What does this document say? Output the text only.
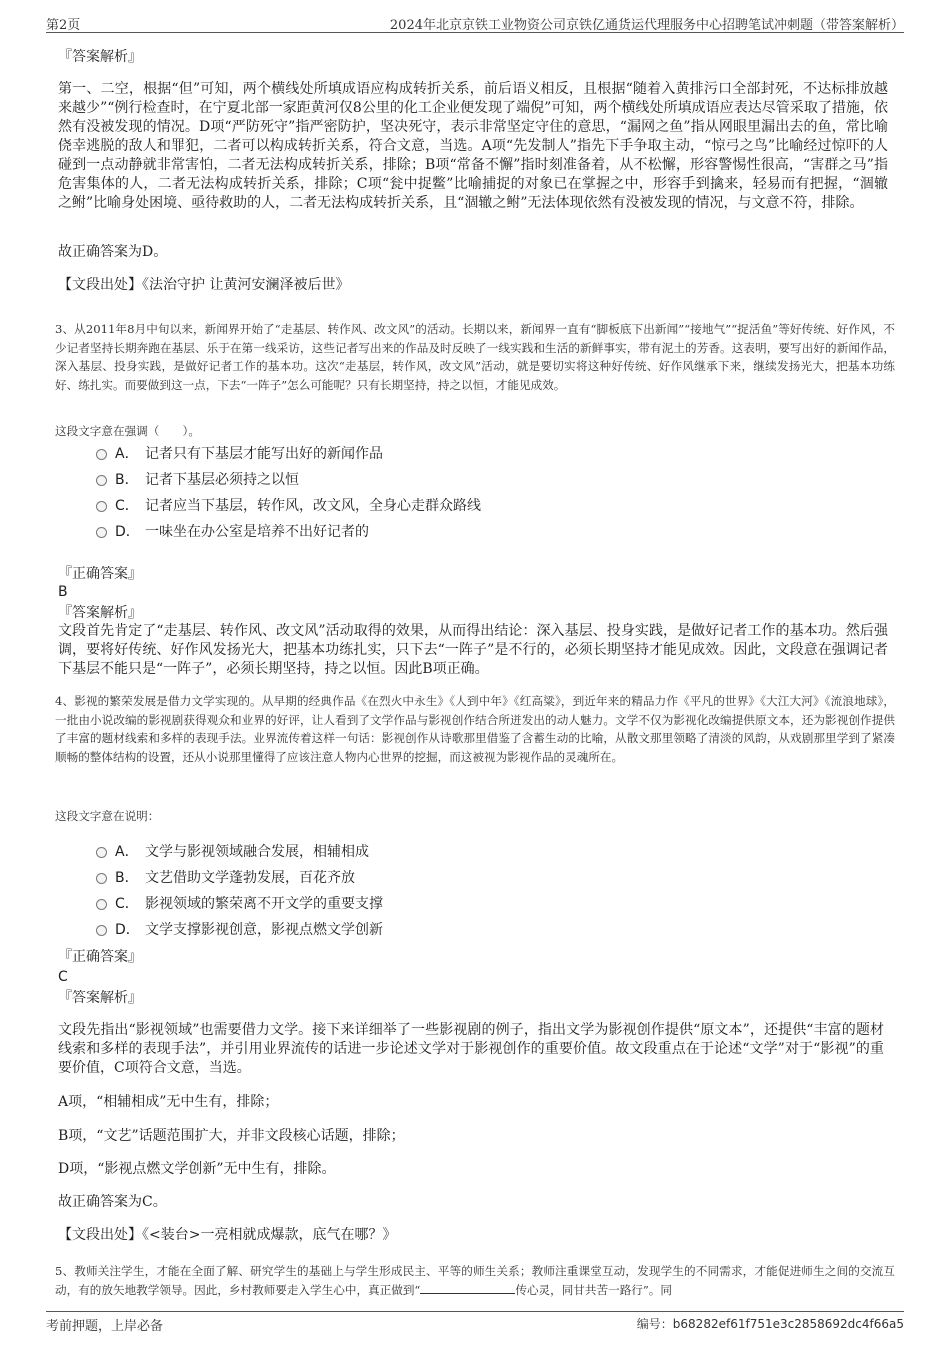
第2页	2024年北京京铁工业物资公司京铁亿通货运代理服务中心招聘笔试冲刺题（带答案解析）
『答案解析』

第一、二空，根据“但”可知，两个横线处所填成语应构成转折关系，前后语义相反，且根据“随着入黄排污口全部封死，不达标排放越来越少”“例行检查时，在宁夏北部一家距黄河仅8公里的化工企业便发现了端倪”可知，两个横线处所填成语应表达尽管采取了措施，依然有没被发现的情况。D项“严防死守”指严密防护，坚决死守，表示非常坚定守住的意思，“漏网之鱼”指从网眼里漏出去的鱼，常比喻侥幸逃脱的敌人和罪犯，二者可以构成转折关系，符合文意，当选。A项“先发制人”指先下手争取主动，“惊弓之鸟”比喻经过惊吓的人碰到一点动静就非常害怕，二者无法构成转折关系，排除；B项“常备不懈”指时刻准备着，从不松懈，形容警惕性很高，“害群之马”指危害集体的人，二者无法构成转折关系，排除；C项“瓮中捉鳖”比喻捕捉的对象已在掌握之中，形容手到擒来，轻易而有把握，“涸辙之鲋”比喻身处困境、亟待救助的人，二者无法构成转折关系，且“涸辙之鲋”无法体现依然有没被发现的情况，与文意不符，排除。

故正确答案为D。
【文段出处】《法治守护 让黄河安澜泽被后世》

3、从2011年8月中旬以来，新闻界开始了“走基层、转作风、改文风”的活动。长期以来，新闻界一直有“脚板底下出新闻”“接地气”“捉活鱼”等好传统、好作风，不少记者坚持长期奔跑在基层、乐于在第一线采访，这些记者写出来的作品及时反映了一线实践和生活的新鲜事实，带有泥土的芳香。这表明，要写出好的新闻作品，深入基层、投身实践，是做好记者工作的基本功。这次“走基层，转作风，改文风”活动，就是要切实将这种好传统、好作风继承下来，继续发扬光大，把基本功练好、练扎实。而要做到这一点，下去“一阵子”怎么可能呢？只有长期坚持，持之以恒，才能见成效。

这段文字意在强调（　　）。
A． 记者只有下基层才能写出好的新闻作品
B． 记者下基层必须持之以恒
C． 记者应当下基层，转作风，改文风，全身心走群众路线
D． 一味坐在办公室是培养不出好记者的
『正确答案』
B
『答案解析』

文段首先肯定了“走基层、转作风、改文风”活动取得的效果，从而得出结论：深入基层、投身实践，是做好记者工作的基本功。然后强调，要将好传统、好作风发扬光大，把基本功练扎实，只下去“一阵子”是不行的，必须长期坚持才能见成效。因此，文段意在强调记者下基层不能只是“一阵子”，必须长期坚持，持之以恒。因此B项正确。

4、影视的繁荣发展是借力文学实现的。从早期的经典作品《在烈火中永生》《人到中年》《红高粱》，到近年来的精品力作《平凡的世界》《大江大河》《流浪地球》，一批由小说改编的影视剧获得观众和业界的好评，让人看到了文学作品与影视创作结合所迸发出的动人魅力。文学不仅为影视化改编提供原文本，还为影视创作提供了丰富的题材线索和多样的表现手法。业界流传着这样一句话：影视创作从诗歌那里借鉴了含蓄生动的比喻，从散文那里领略了清淡的风韵，从戏剧那里学到了紧凑顺畅的整体结构的设置，还从小说那里懂得了应该注意人物内心世界的挖掘，而这被视为影视作品的灵魂所在。

这段文字意在说明：
A． 文学与影视领域融合发展，相辅相成
B． 文艺借助文学蓬勃发展，百花齐放
C． 影视领域的繁荣离不开文学的重要支撑
D． 文学支撑影视创意，影视点燃文学创新
『正确答案』
C
『答案解析』

文段先指出“影视领域”也需要借力文学。接下来详细举了一些影视剧的例子，指出文学为影视创作提供“原文本”，还提供“丰富的题材线索和多样的表现手法”，并引用业界流传的话进一步论述文学对于影视创作的重要价值。故文段重点在于论述“文学”对于“影视”的重要价值，C项符合文意，当选。

A项，“相辅相成”无中生有，排除；
B项，“文艺”话题范围扩大，并非文段核心话题，排除；
D项，“影视点燃文学创新”无中生有，排除。
故正确答案为C。
【文段出处】《<装台>一亮相就成爆款，底气在哪？》

5、教师关注学生，才能在全面了解、研究学生的基础上与学生形成民主、平等的师生关系；教师注重课堂互动，发现学生的不同需求，才能促进师生之间的交流互动，有的放矢地教学领导。因此，乡村教师要走入学生心中，真正做到“	传心灵，同甘共苦一路行”。同

考前押题，上岸必备	编号：b68282ef61f751e3c2858692dc4f66a5
